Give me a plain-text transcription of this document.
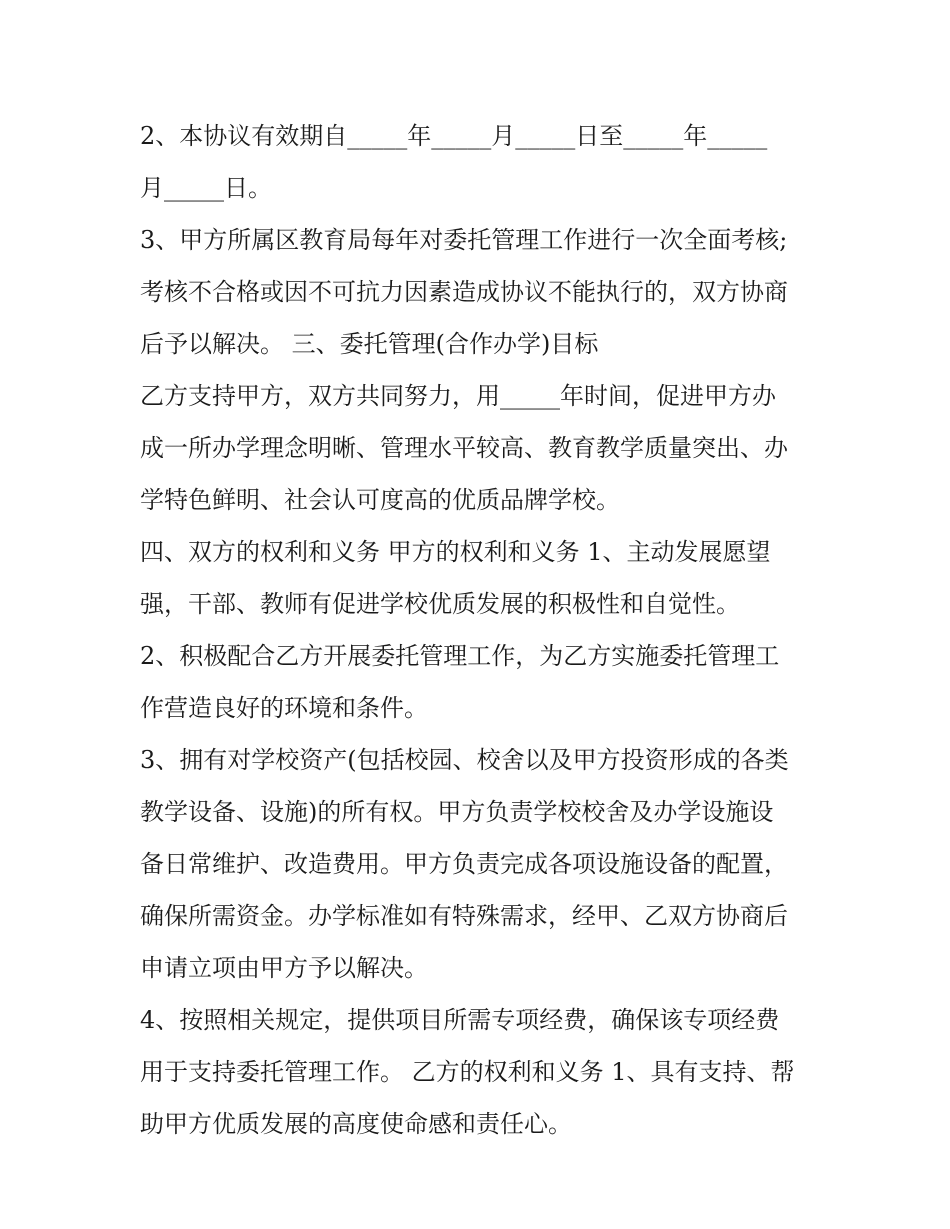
2、本协议有效期自_____年_____月_____日至_____年_____
月_____日。
3、甲方所属区教育局每年对委托管理工作进行一次全面考核;
考核不合格或因不可抗力因素造成协议不能执行的，双方协商
后予以解决。 三、委托管理(合作办学)目标
乙方支持甲方，双方共同努力，用_____年时间，促进甲方办
成一所办学理念明晰、管理水平较高、教育教学质量突出、办
学特色鲜明、社会认可度高的优质品牌学校。
四、双方的权利和义务 甲方的权利和义务 1、主动发展愿望
强，干部、教师有促进学校优质发展的积极性和自觉性。
2、积极配合乙方开展委托管理工作，为乙方实施委托管理工
作营造良好的环境和条件。
3、拥有对学校资产(包括校园、校舍以及甲方投资形成的各类
教学设备、设施)的所有权。甲方负责学校校舍及办学设施设
备日常维护、改造费用。甲方负责完成各项设施设备的配置，
确保所需资金。办学标准如有特殊需求，经甲、乙双方协商后
申请立项由甲方予以解决。
4、按照相关规定，提供项目所需专项经费，确保该专项经费
用于支持委托管理工作。 乙方的权利和义务 1、具有支持、帮
助甲方优质发展的高度使命感和责任心。
